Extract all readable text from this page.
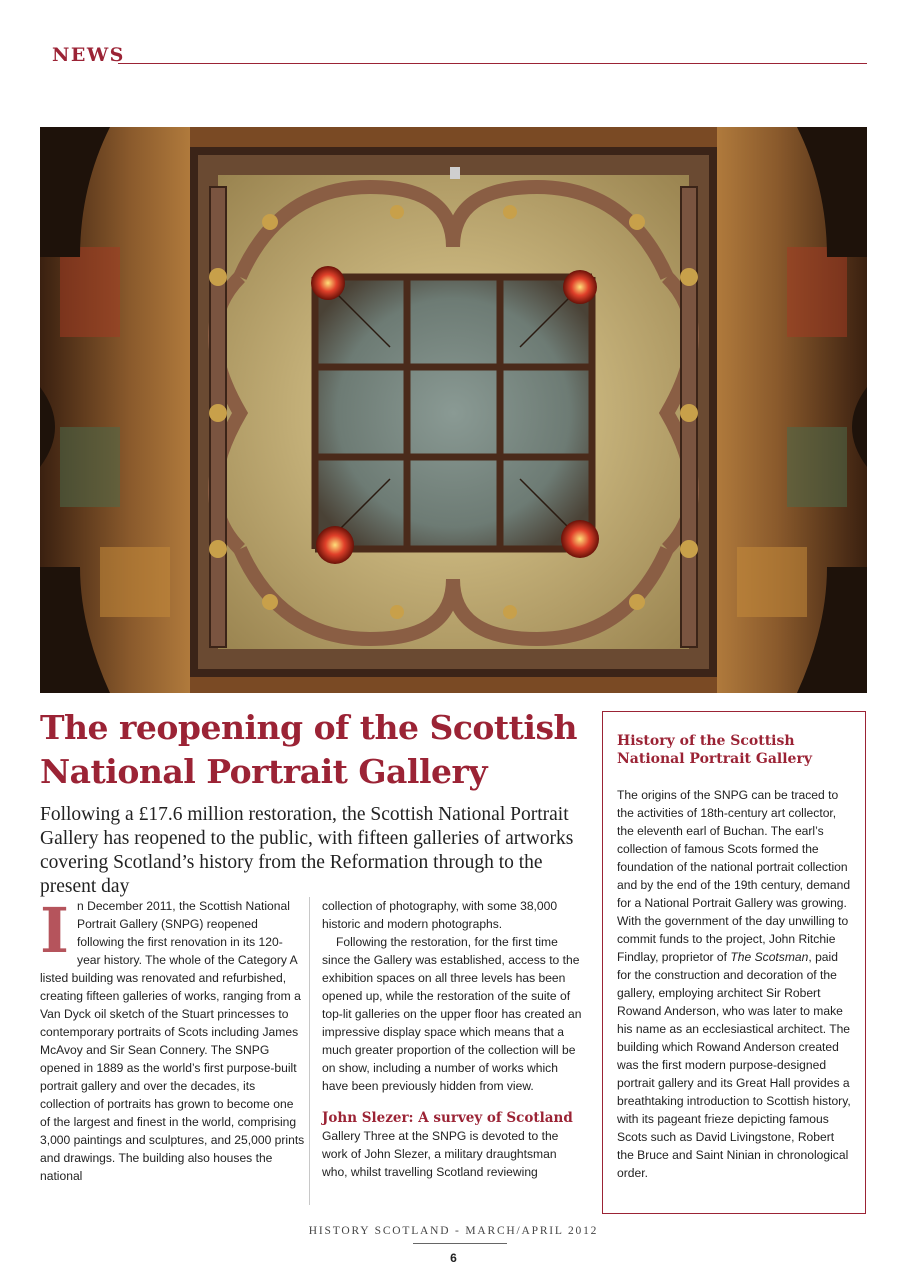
NEWS
The reopening of the Scottish National Portrait Gallery

Following a £17.6 million restoration, the Scottish National Portrait Gallery has reopened to the public, with fifteen galleries of artworks covering Scotland’s history from the Reformation through to the present day

In December 2011, the Scottish National Portrait Gallery (SNPG) reopened following the first renovation in its 120-year history. The whole of the Category A listed building was renovated and refurbished, creating fifteen galleries of works, ranging from a Van Dyck oil sketch of the Stuart princesses to contemporary portraits of Scots including James McAvoy and Sir Sean Connery. The SNPG opened in 1889 as the world’s first purpose-built portrait gallery and over the decades, its collection of portraits has grown to become one of the largest and finest in the world, comprising 3,000 paintings and sculptures, and 25,000 prints and drawings. The building also houses the national

collection of photography, with some 38,000 historic and modern photographs.

Following the restoration, for the first time since the Gallery was established, access to the exhibition spaces on all three levels has been opened up, while the restoration of the suite of top-lit galleries on the upper floor has created an impressive display space which means that a much greater proportion of the collection will be on show, including a number of works which have been previously hidden from view.

John Slezer: A survey of Scotland

Gallery Three at the SNPG is devoted to the work of John Slezer, a military draughtsman who, whilst travelling Scotland reviewing

History of the Scottish National Portrait Gallery

The origins of the SNPG can be traced to the activities of 18th-century art collector, the eleventh earl of Buchan. The earl’s collection of famous Scots formed the foundation of the national portrait collection and by the end of the 19th century, demand for a National Portrait Gallery was growing. With the government of the day unwilling to commit funds to the project, John Ritchie Findlay, proprietor of The Scotsman, paid for the construction and decoration of the gallery, employing architect Sir Robert Rowand Anderson, who was later to make his name as an ecclesiastical architect. The building which Rowand Anderson created was the first modern purpose-designed portrait gallery and its Great Hall provides a breathtaking introduction to Scottish history, with its pageant frieze depicting famous Scots such as David Livingstone, Robert the Bruce and Saint Ninian in chronological order.

HISTORY SCOTLAND - MARCH/APRIL 2012
6
